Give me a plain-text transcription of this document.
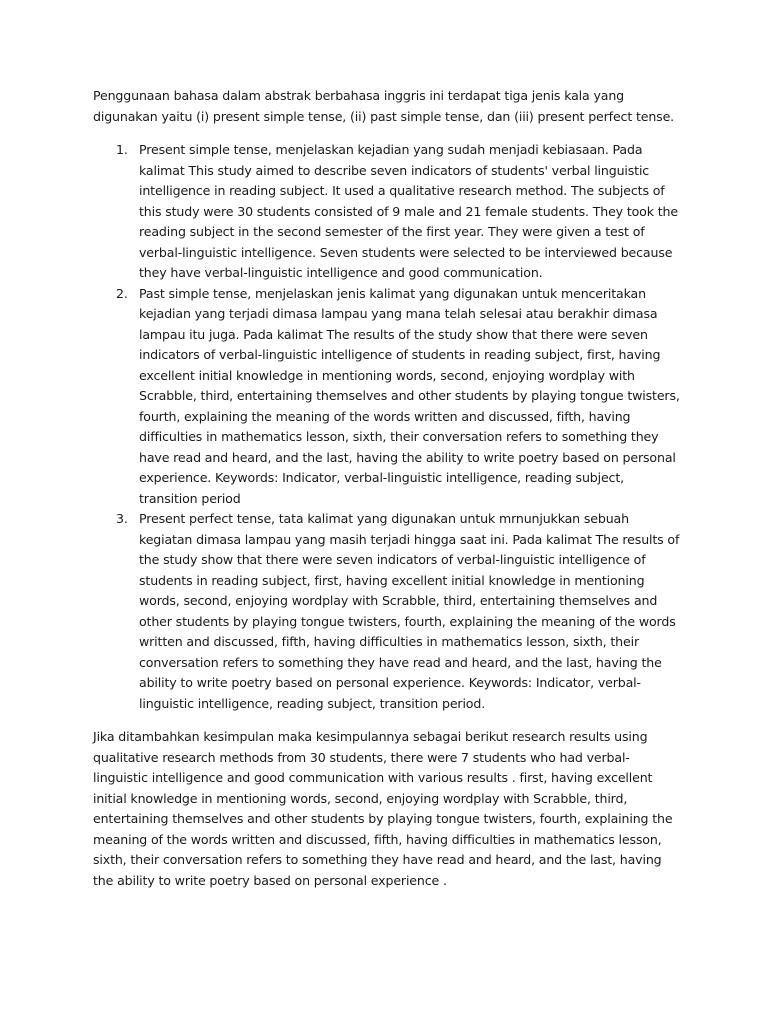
Penggunaan bahasa dalam abstrak berbahasa inggris ini terdapat tiga jenis kala yang digunakan yaitu (i) present simple tense, (ii) past simple tense, dan (iii) present perfect tense.

1. Present simple tense, menjelaskan kejadian yang sudah menjadi kebiasaan. Pada kalimat This study aimed to describe seven indicators of students' verbal linguistic intelligence in reading subject. It used a qualitative research method. The subjects of this study were 30 students consisted of 9 male and 21 female students. They took the reading subject in the second semester of the first year. They were given a test of verbal-linguistic intelligence. Seven students were selected to be interviewed because they have verbal-linguistic intelligence and good communication.
2. Past simple tense, menjelaskan jenis kalimat yang digunakan untuk menceritakan kejadian yang terjadi dimasa lampau yang mana telah selesai atau berakhir dimasa lampau itu juga. Pada kalimat The results of the study show that there were seven indicators of verbal-linguistic intelligence of students in reading subject, first, having excellent initial knowledge in mentioning words, second, enjoying wordplay with Scrabble, third, entertaining themselves and other students by playing tongue twisters, fourth, explaining the meaning of the words written and discussed, fifth, having difficulties in mathematics lesson, sixth, their conversation refers to something they have read and heard, and the last, having the ability to write poetry based on personal experience. Keywords: Indicator, verbal-linguistic intelligence, reading subject, transition period
3. Present perfect tense, tata kalimat yang digunakan untuk mrnunjukkan sebuah kegiatan dimasa lampau yang masih terjadi hingga saat ini. Pada kalimat The results of the study show that there were seven indicators of verbal-linguistic intelligence of students in reading subject, first, having excellent initial knowledge in mentioning words, second, enjoying wordplay with Scrabble, third, entertaining themselves and other students by playing tongue twisters, fourth, explaining the meaning of the words written and discussed, fifth, having difficulties in mathematics lesson, sixth, their conversation refers to something they have read and heard, and the last, having the ability to write poetry based on personal experience. Keywords: Indicator, verbal-linguistic intelligence, reading subject, transition period.

Jika ditambahkan kesimpulan maka kesimpulannya sebagai berikut research results using qualitative research methods from 30 students, there were 7 students who had verbal-linguistic intelligence and good communication with various results . first, having excellent initial knowledge in mentioning words, second, enjoying wordplay with Scrabble, third, entertaining themselves and other students by playing tongue twisters, fourth, explaining the meaning of the words written and discussed, fifth, having difficulties in mathematics lesson, sixth, their conversation refers to something they have read and heard, and the last, having the ability to write poetry based on personal experience .
